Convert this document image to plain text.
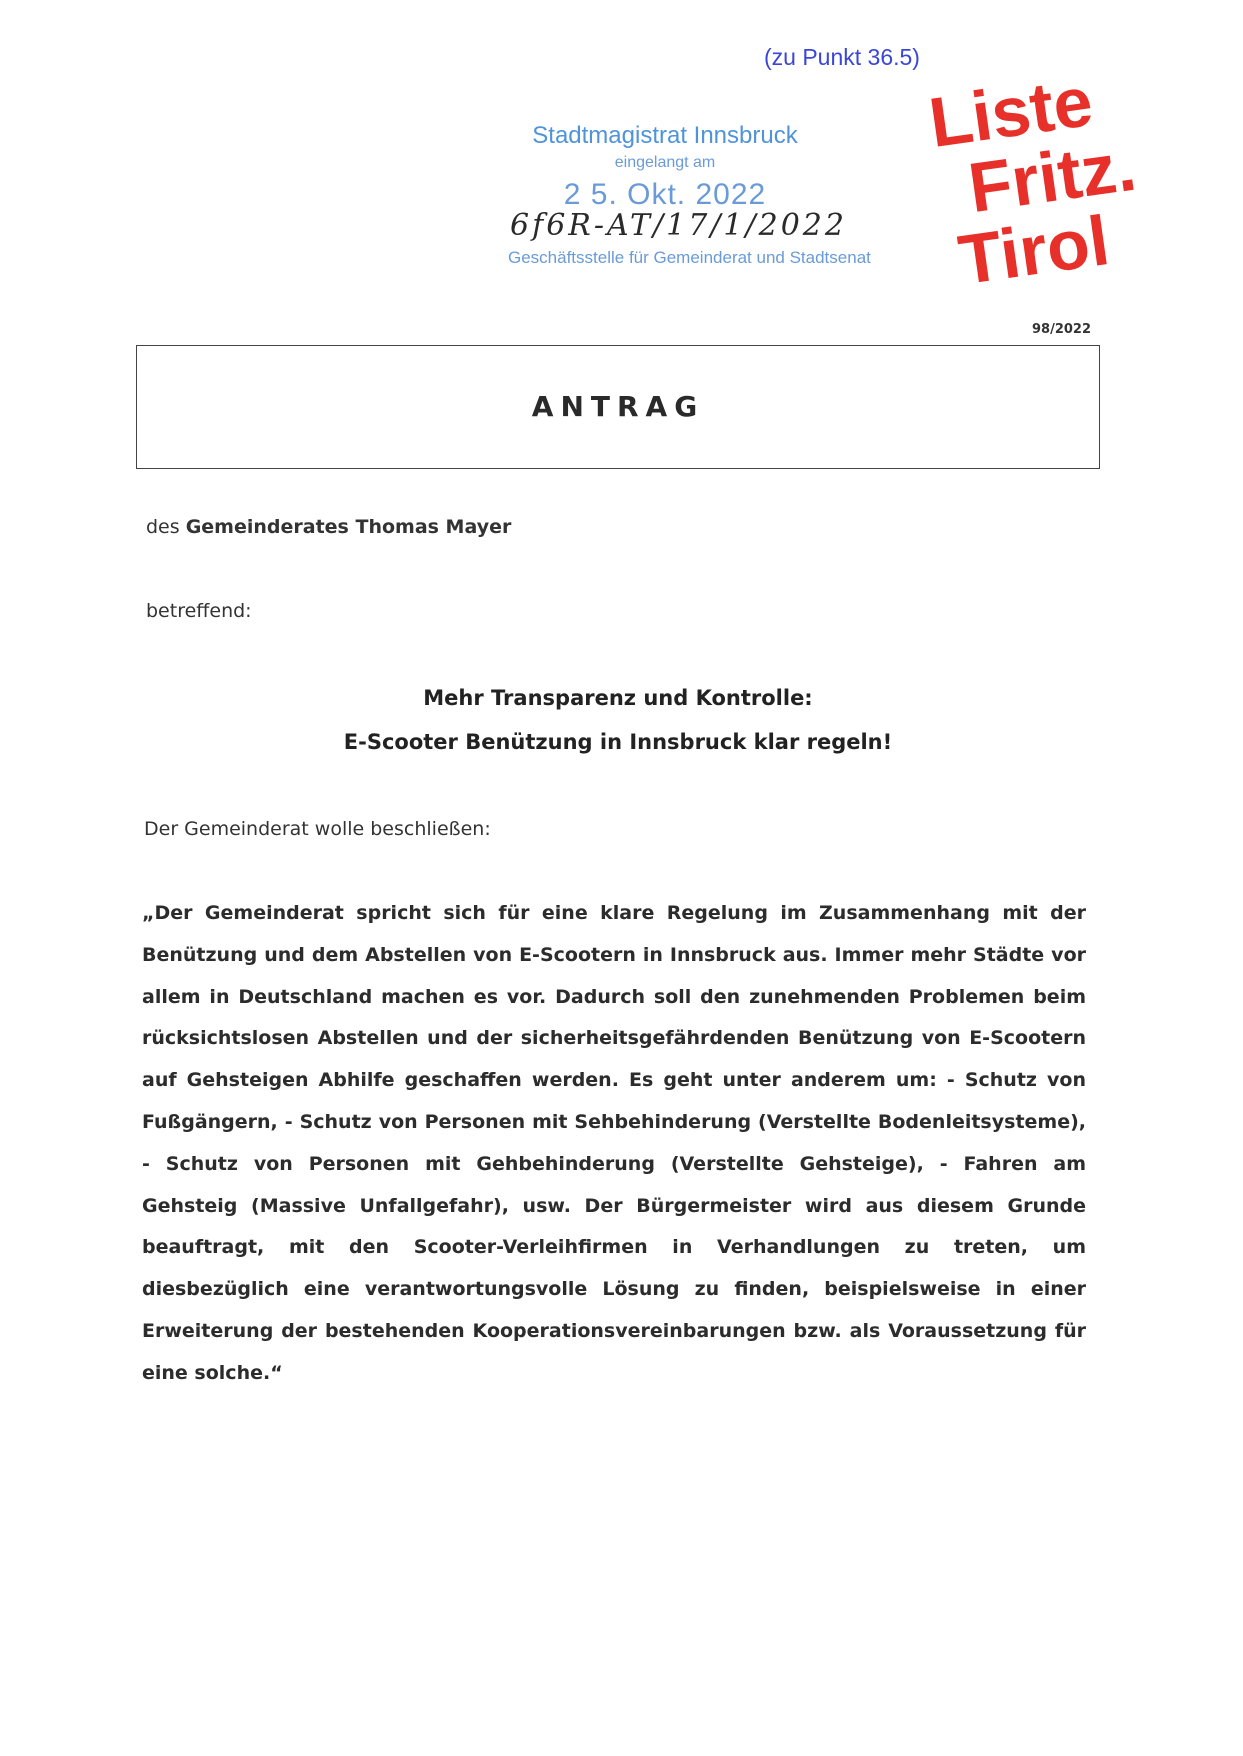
(zu Punkt 36.5)
Liste
Fritz.
Tirol
Stadtmagistrat Innsbruck
eingelangt am
2 5. Okt. 2022
6f6R-AT/17/1/2022
Geschäftsstelle für Gemeinderat und Stadtsenat
98/2022
ANTRAG
des Gemeinderates Thomas Mayer
betreffend:
Mehr Transparenz und Kontrolle:
E-Scooter Benützung in Innsbruck klar regeln!
Der Gemeinderat wolle beschließen:
„Der Gemeinderat spricht sich für eine klare Regelung im Zusammenhang mit der Benützung und dem Abstellen von E-Scootern in Innsbruck aus. Immer mehr Städte vor allem in Deutschland machen es vor. Dadurch soll den zunehmenden Problemen beim rücksichtslosen Abstellen und der sicherheitsgefährdenden Benützung von E-Scootern auf Gehsteigen Abhilfe geschaffen werden. Es geht unter anderem um: - Schutz von Fußgängern, - Schutz von Personen mit Sehbehinderung (Verstellte Bodenleitsysteme), - Schutz von Personen mit Gehbehinderung (Verstellte Gehsteige), - Fahren am Gehsteig (Massive Unfallgefahr), usw. Der Bürgermeister wird aus diesem Grunde beauftragt, mit den Scooter-Verleihfirmen in Verhandlungen zu treten, um diesbezüglich eine verantwortungsvolle Lösung zu finden, beispielsweise in einer Erweiterung der bestehenden Kooperationsvereinbarungen bzw. als Voraussetzung für eine solche.“
